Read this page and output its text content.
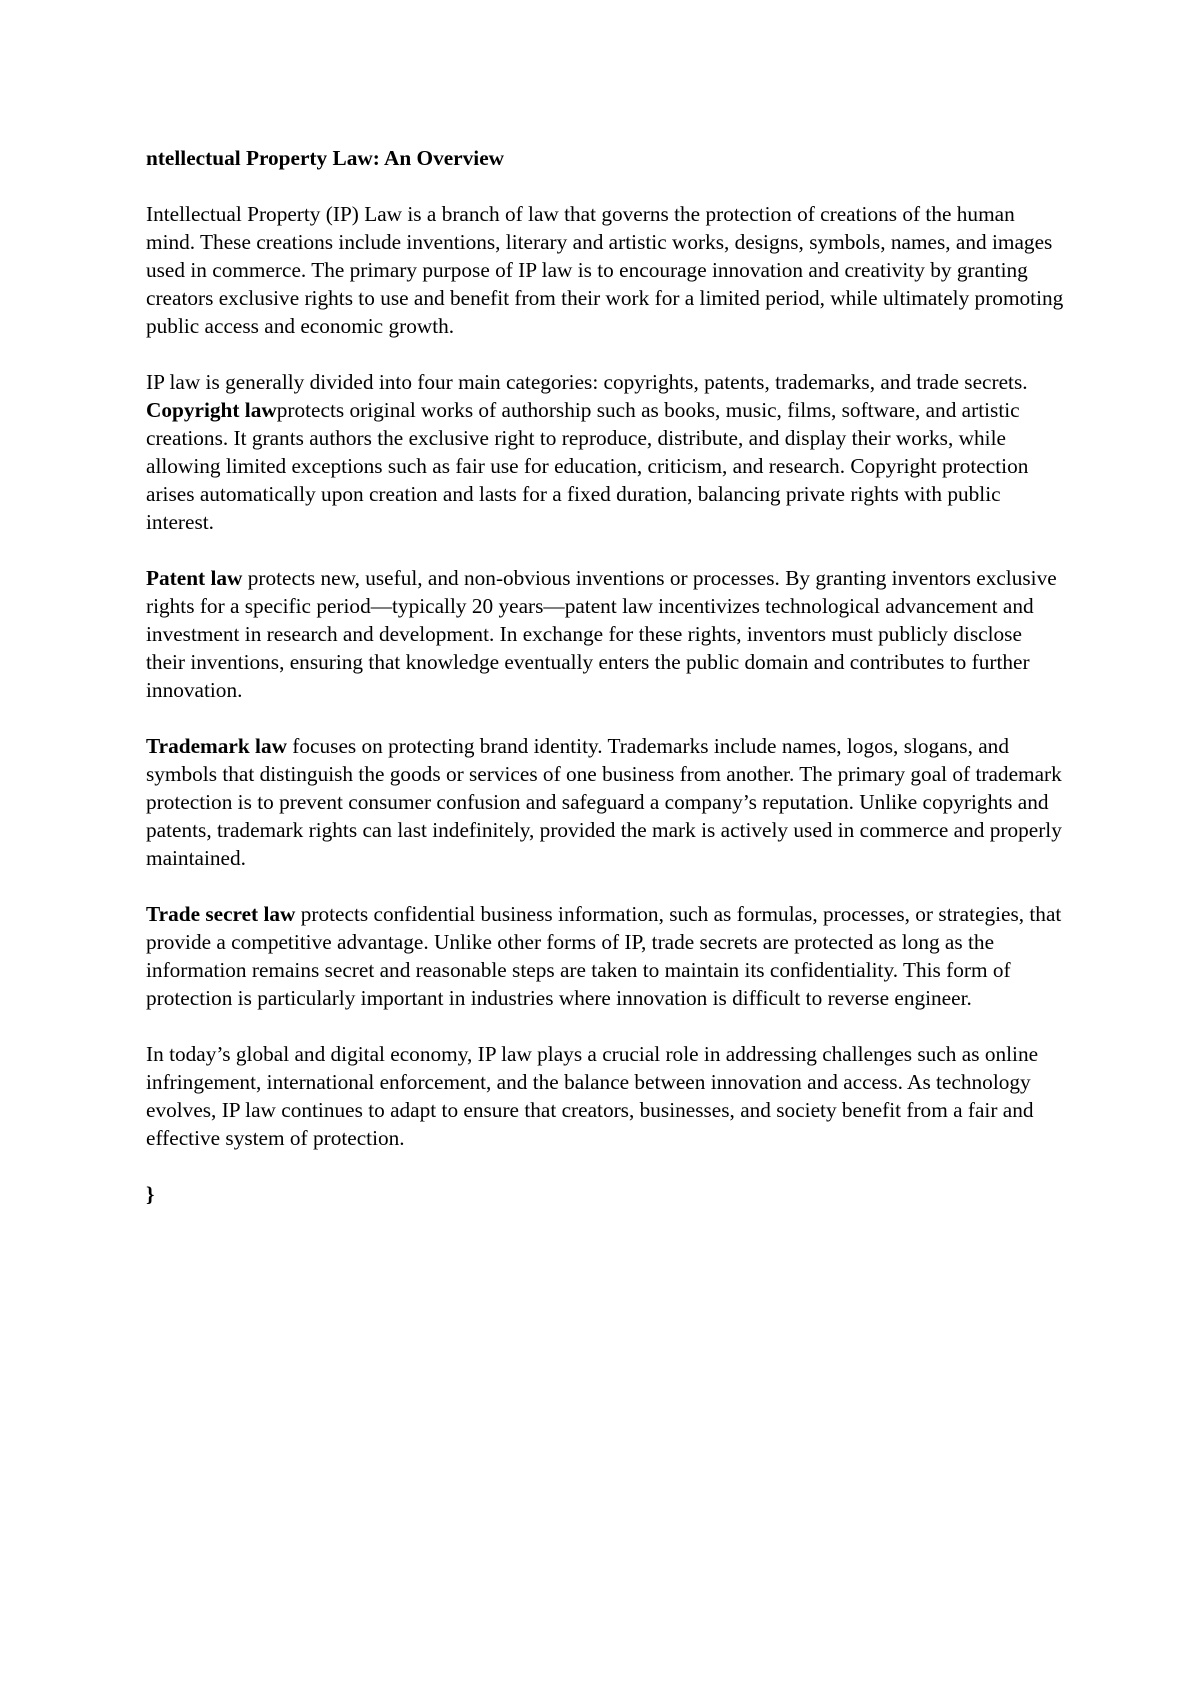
ntellectual Property Law: An Overview

Intellectual Property (IP) Law is a branch of law that governs the protection of creations of the human mind. These creations include inventions, literary and artistic works, designs, symbols, names, and images used in commerce. The primary purpose of IP law is to encourage innovation and creativity by granting creators exclusive rights to use and benefit from their work for a limited period, while ultimately promoting public access and economic growth.

IP law is generally divided into four main categories: copyrights, patents, trademarks, and trade secrets. Copyright lawprotects original works of authorship such as books, music, films, software, and artistic creations. It grants authors the exclusive right to reproduce, distribute, and display their works, while allowing limited exceptions such as fair use for education, criticism, and research. Copyright protection arises automatically upon creation and lasts for a fixed duration, balancing private rights with public interest.

Patent law protects new, useful, and non-obvious inventions or processes. By granting inventors exclusive rights for a specific period—typically 20 years—patent law incentivizes technological advancement and investment in research and development. In exchange for these rights, inventors must publicly disclose their inventions, ensuring that knowledge eventually enters the public domain and contributes to further innovation.

Trademark law focuses on protecting brand identity. Trademarks include names, logos, slogans, and symbols that distinguish the goods or services of one business from another. The primary goal of trademark protection is to prevent consumer confusion and safeguard a company’s reputation. Unlike copyrights and patents, trademark rights can last indefinitely, provided the mark is actively used in commerce and properly maintained.

Trade secret law protects confidential business information, such as formulas, processes, or strategies, that provide a competitive advantage. Unlike other forms of IP, trade secrets are protected as long as the information remains secret and reasonable steps are taken to maintain its confidentiality. This form of protection is particularly important in industries where innovation is difficult to reverse engineer.

In today’s global and digital economy, IP law plays a crucial role in addressing challenges such as online infringement, international enforcement, and the balance between innovation and access. As technology evolves, IP law continues to adapt to ensure that creators, businesses, and society benefit from a fair and effective system of protection.

}
